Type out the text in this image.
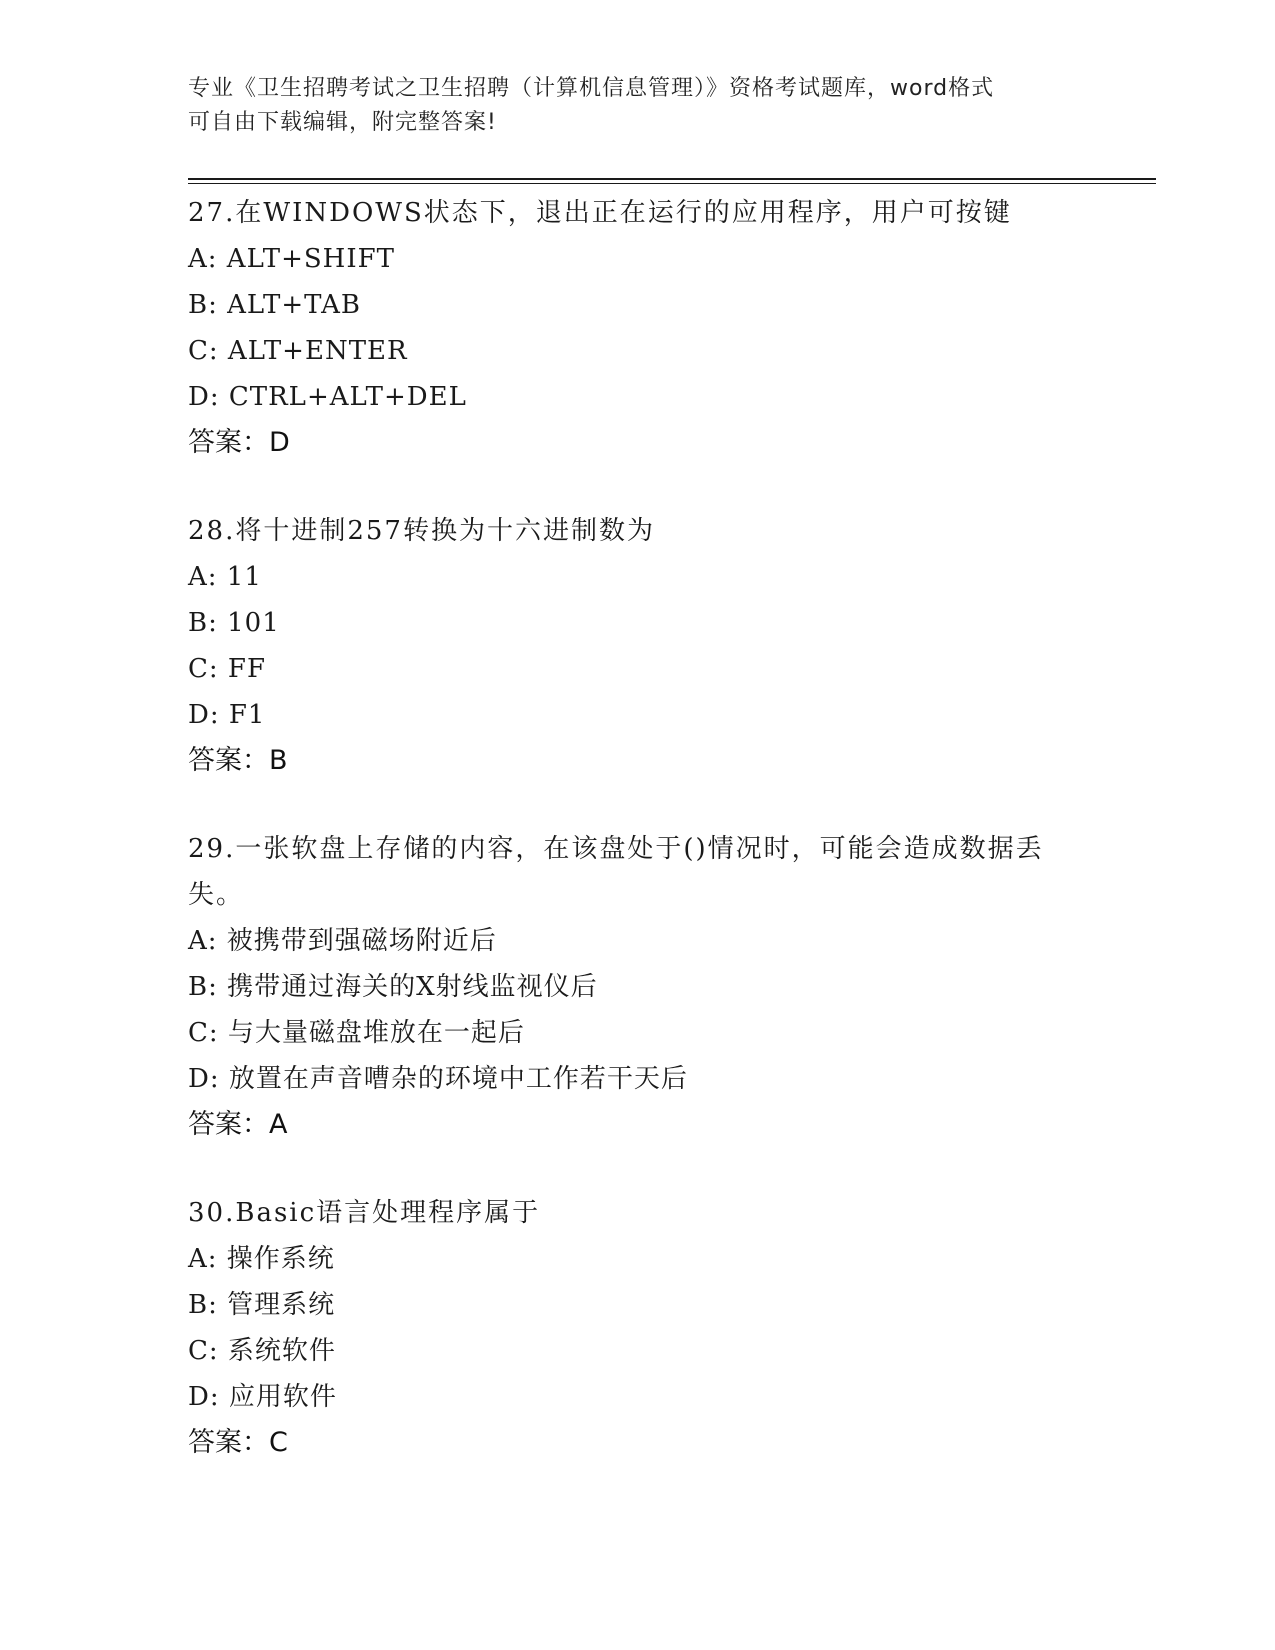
专业《卫生招聘考试之卫生招聘（计算机信息管理）》资格考试题库，word格式
可自由下载编辑，附完整答案!

27.在WINDOWS状态下，退出正在运行的应用程序，用户可按键

A: ALT+SHIFT

B: ALT+TAB

C: ALT+ENTER

D: CTRL+ALT+DEL

答案：D

28.将十进制257转换为十六进制数为

A: 11

B: 101

C: FF

D: F1

答案：B

29.一张软盘上存储的内容，在该盘处于()情况时，可能会造成数据丢失。

A: 被携带到强磁场附近后

B: 携带通过海关的X射线监视仪后

C: 与大量磁盘堆放在一起后

D: 放置在声音嘈杂的环境中工作若干天后

答案：A

30.Basic语言处理程序属于

A: 操作系统

B: 管理系统

C: 系统软件

D: 应用软件

答案：C
